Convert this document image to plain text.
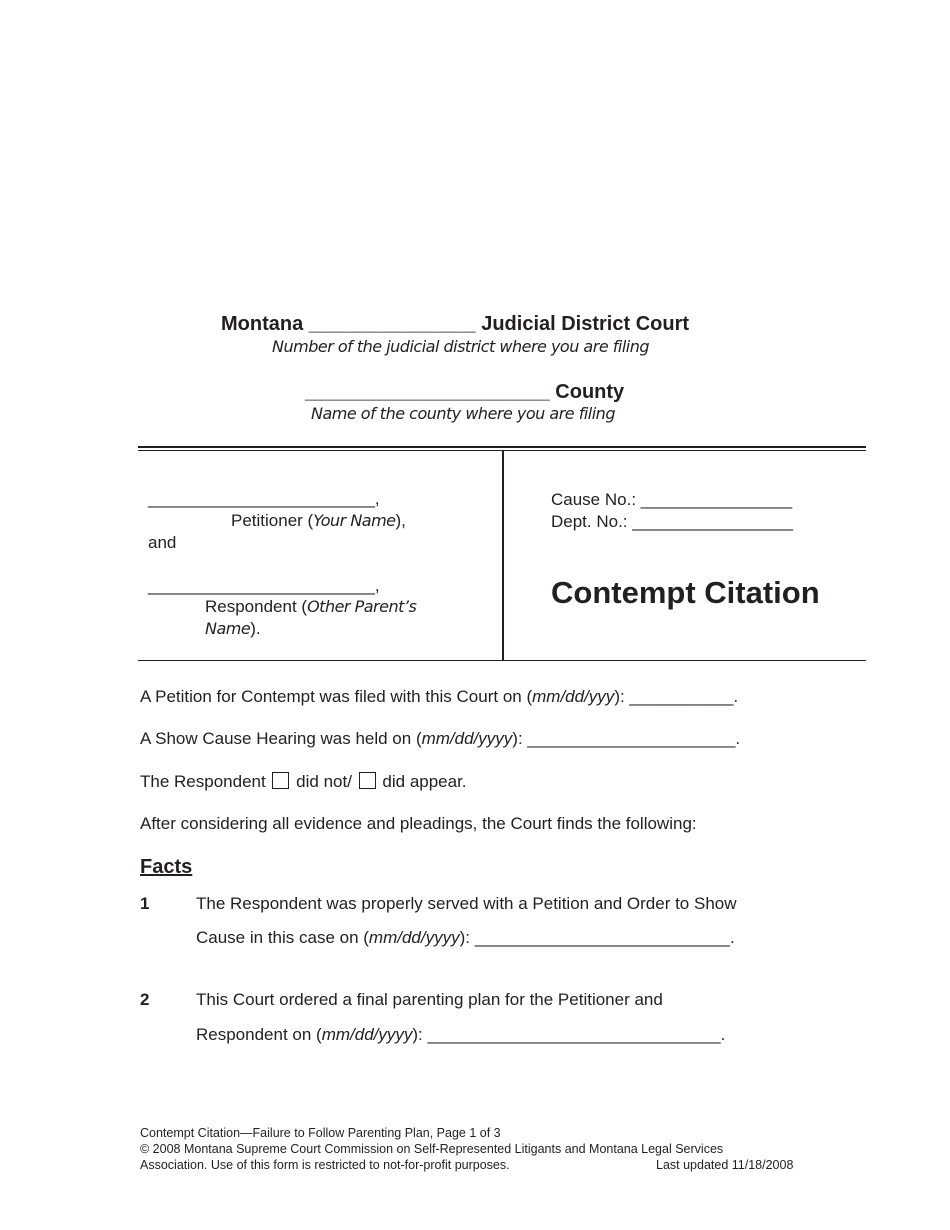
Montana _______________ Judicial District Court
Number of the judicial district where you are filing
______________________ County
Name of the county where you are filing
________________________,
Petitioner (Your Name),
and
________________________,
Respondent (Other Parent’s
Name).
Cause No.: ________________
Dept. No.: _________________
Contempt Citation
A Petition for Contempt was filed with this Court on (mm/dd/yyy): ___________.
A Show Cause Hearing was held on (mm/dd/yyyy): ______________________.
The Respondent did not/ did appear.
After considering all evidence and pleadings, the Court finds the following:
Facts
1	The Respondent was properly served with a Petition and Order to Show
Cause in this case on (mm/dd/yyyy): ___________________________.
2	This Court ordered a final parenting plan for the Petitioner and
Respondent on (mm/dd/yyyy): _______________________________.
Contempt Citation—Failure to Follow Parenting Plan, Page 1 of 3
© 2008 Montana Supreme Court Commission on Self-Represented Litigants and Montana Legal Services
Association. Use of this form is restricted to not-for-profit purposes.	Last updated 11/18/2008
